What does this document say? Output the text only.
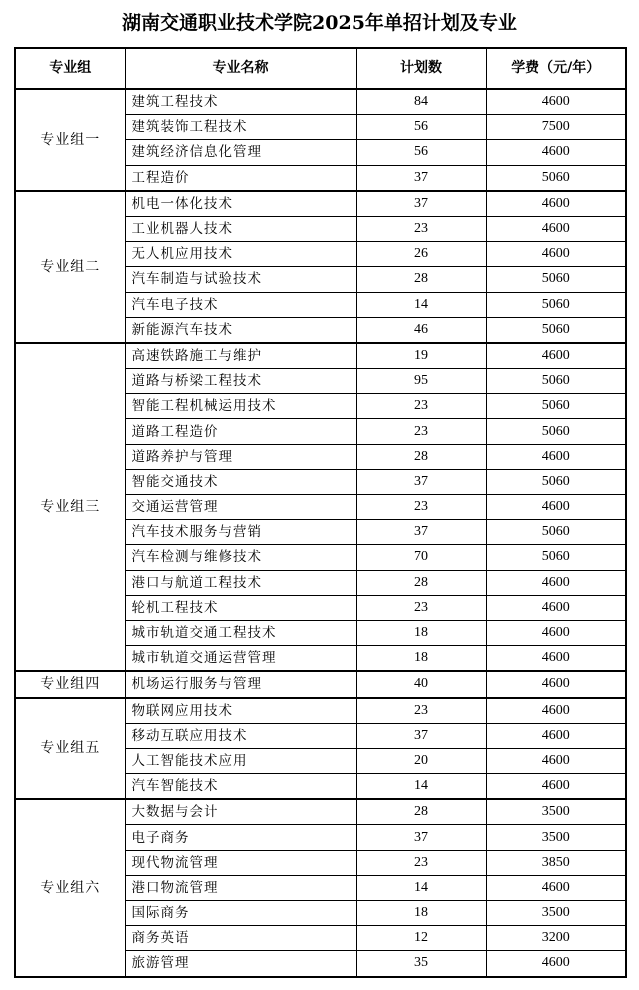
湖南交通职业技术学院2025年单招计划及专业
专业组	专业名称	计划数	学费（元/年）
专业组一	建筑工程技术	84	4600
	建筑装饰工程技术	56	7500
	建筑经济信息化管理	56	4600
	工程造价	37	5060
专业组二	机电一体化技术	37	4600
	工业机器人技术	23	4600
	无人机应用技术	26	4600
	汽车制造与试验技术	28	5060
	汽车电子技术	14	5060
	新能源汽车技术	46	5060
专业组三	高速铁路施工与维护	19	4600
	道路与桥梁工程技术	95	5060
	智能工程机械运用技术	23	5060
	道路工程造价	23	5060
	道路养护与管理	28	4600
	智能交通技术	37	5060
	交通运营管理	23	4600
	汽车技术服务与营销	37	5060
	汽车检测与维修技术	70	5060
	港口与航道工程技术	28	4600
	轮机工程技术	23	4600
	城市轨道交通工程技术	18	4600
	城市轨道交通运营管理	18	4600
专业组四	机场运行服务与管理	40	4600
专业组五	物联网应用技术	23	4600
	移动互联应用技术	37	4600
	人工智能技术应用	20	4600
	汽车智能技术	14	4600
专业组六	大数据与会计	28	3500
	电子商务	37	3500
	现代物流管理	23	3850
	港口物流管理	14	4600
	国际商务	18	3500
	商务英语	12	3200
	旅游管理	35	4600
